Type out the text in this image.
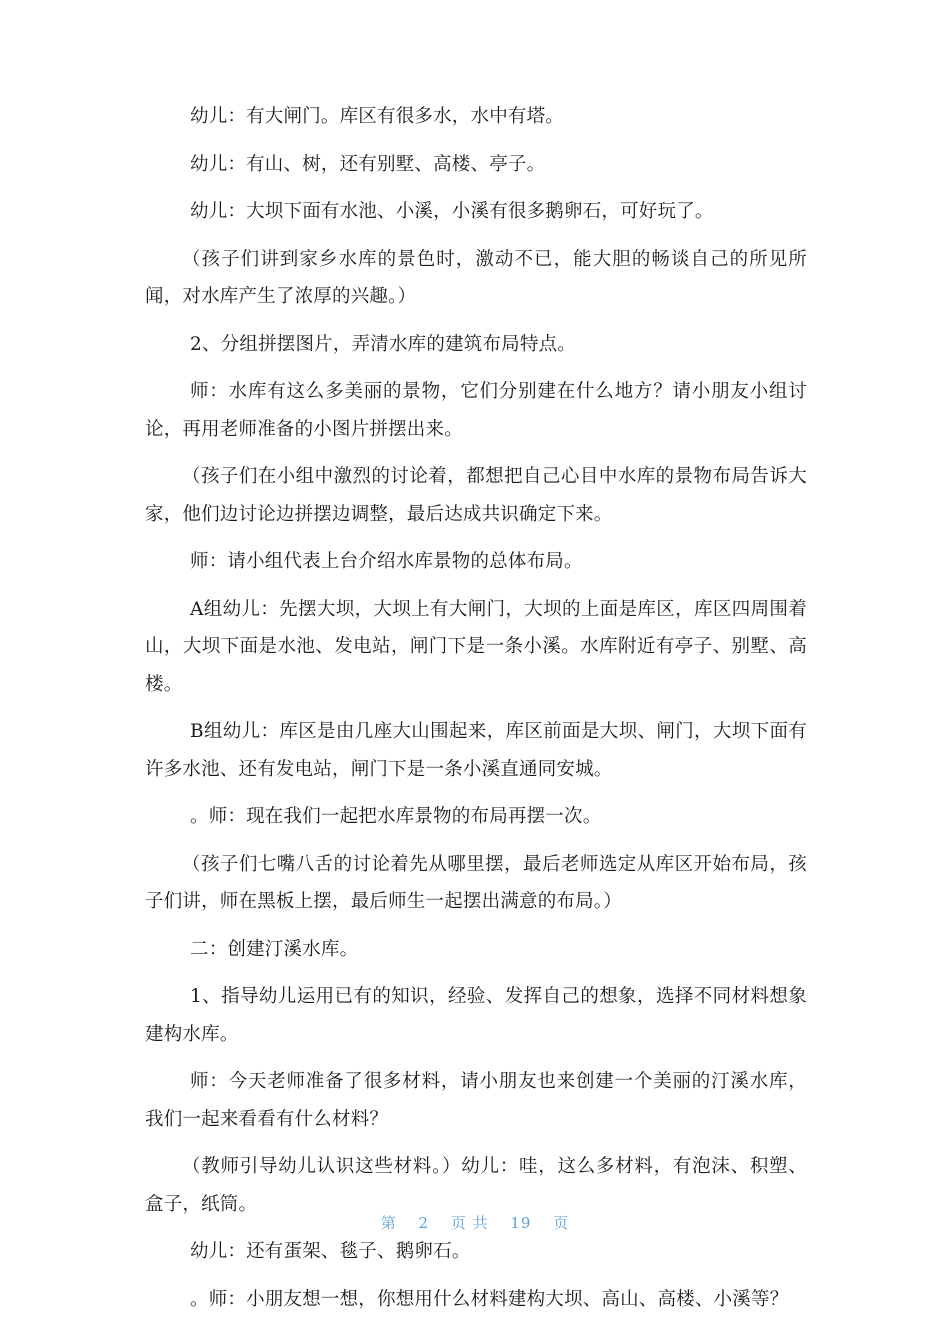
幼儿：有大闸门。库区有很多水，水中有塔。

幼儿：有山、树，还有别墅、高楼、亭子。

幼儿：大坝下面有水池、小溪，小溪有很多鹅卵石，可好玩了。

（孩子们讲到家乡水库的景色时，激动不已，能大胆的畅谈自己的所见所闻，对水库产生了浓厚的兴趣。）

2、分组拼摆图片，弄清水库的建筑布局特点。

师：水库有这么多美丽的景物，它们分别建在什么地方？请小朋友小组讨论，再用老师准备的小图片拼摆出来。

（孩子们在小组中激烈的讨论着，都想把自己心目中水库的景物布局告诉大家，他们边讨论边拼摆边调整，最后达成共识确定下来。

师：请小组代表上台介绍水库景物的总体布局。

A组幼儿：先摆大坝，大坝上有大闸门，大坝的上面是库区，库区四周围着山，大坝下面是水池、发电站，闸门下是一条小溪。水库附近有亭子、别墅、高楼。

B组幼儿：库区是由几座大山围起来，库区前面是大坝、闸门，大坝下面有许多水池、还有发电站，闸门下是一条小溪直通同安城。

。师：现在我们一起把水库景物的布局再摆一次。

（孩子们七嘴八舌的讨论着先从哪里摆，最后老师选定从库区开始布局，孩子们讲，师在黑板上摆，最后师生一起摆出满意的布局。）

二：创建汀溪水库。

1、指导幼儿运用已有的知识，经验、发挥自己的想象，选择不同材料想象建构水库。

师：今天老师准备了很多材料，请小朋友也来创建一个美丽的汀溪水库，我们一起来看看有什么材料？

（教师引导幼儿认识这些材料。）幼儿：哇，这么多材料，有泡沫、积塑、盒子，纸筒。

幼儿：还有蛋架、毯子、鹅卵石。

。师：小朋友想一想，你想用什么材料建构大坝、高山、高楼、小溪等？

第 2 页 共 19 页
